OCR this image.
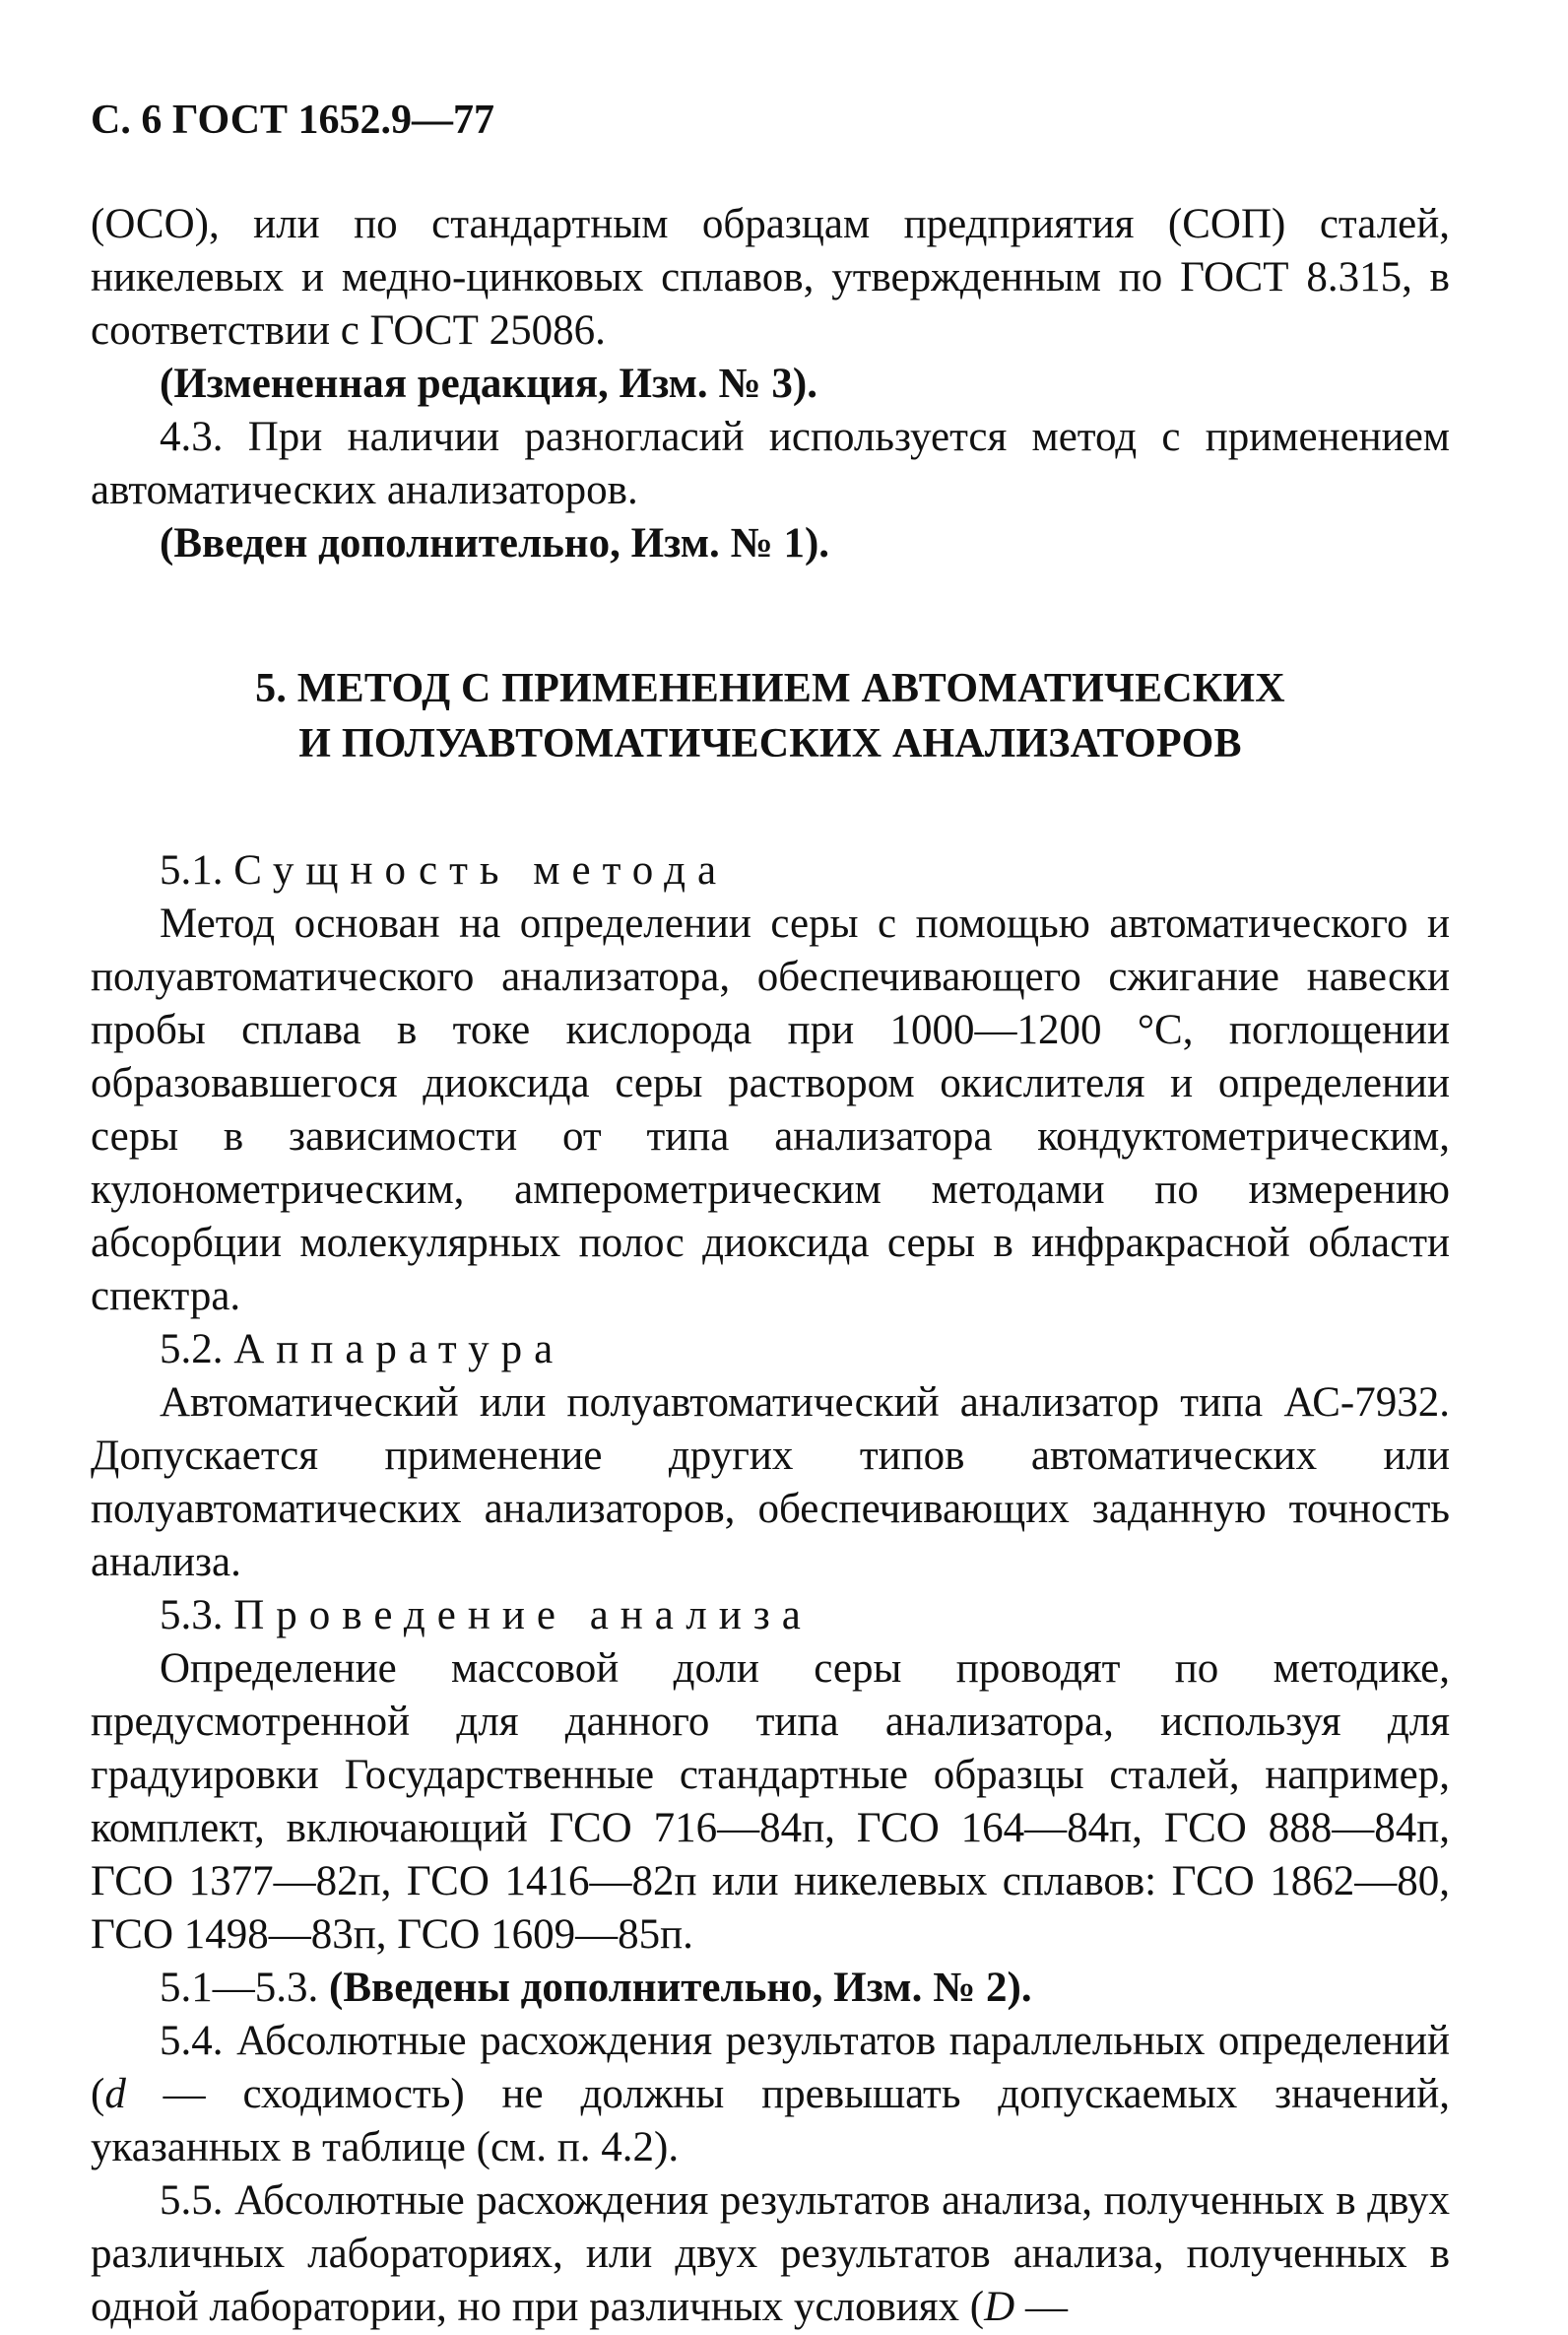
С. 6 ГОСТ 1652.9—77

(ОСО), или по стандартным образцам предприятия (СОП) сталей, никелевых и медно-цинковых сплавов, утвержденным по ГОСТ 8.315, в соответствии с ГОСТ 25086.

(Измененная редакция, Изм. № 3).

4.3. При наличии разногласий используется метод с применением автоматических анализаторов.

(Введен дополнительно, Изм. № 1).

5. МЕТОД С ПРИМЕНЕНИЕМ АВТОМАТИЧЕСКИХ
И ПОЛУАВТОМАТИЧЕСКИХ АНАЛИЗАТОРОВ

5.1. Сущность метода

Метод основан на определении серы с помощью автоматического и полуавтоматического анализатора, обеспечивающего сжигание навески пробы сплава в токе кислорода при 1000—1200 °С, поглощении образовавшегося диоксида серы раствором окислителя и определении серы в зависимости от типа анализатора кондуктометрическим, кулонометрическим, амперометрическим методами по измерению абсорбции молекулярных полос диоксида серы в инфракрасной области спектра.

5.2. Аппаратура

Автоматический или полуавтоматический анализатор типа АС-7932. Допускается применение других типов автоматических или полуавтоматических анализаторов, обеспечивающих заданную точность анализа.

5.3. Проведение анализа

Определение массовой доли серы проводят по методике, предусмотренной для данного типа анализатора, используя для градуировки Государственные стандартные образцы сталей, например, комплект, включающий ГСО 716—84п, ГСО 164—84п, ГСО 888—84п, ГСО 1377—82п, ГСО 1416—82п или никелевых сплавов: ГСО 1862—80, ГСО 1498—83п, ГСО 1609—85п.

5.1—5.3. (Введены дополнительно, Изм. № 2).

5.4. Абсолютные расхождения результатов параллельных определений (d — сходимость) не должны превышать допускаемых значений, указанных в таблице (см. п. 4.2).

5.5. Абсолютные расхождения результатов анализа, полученных в двух различных лабораториях, или двух результатов анализа, полученных в одной лаборатории, но при различных условиях (D —
